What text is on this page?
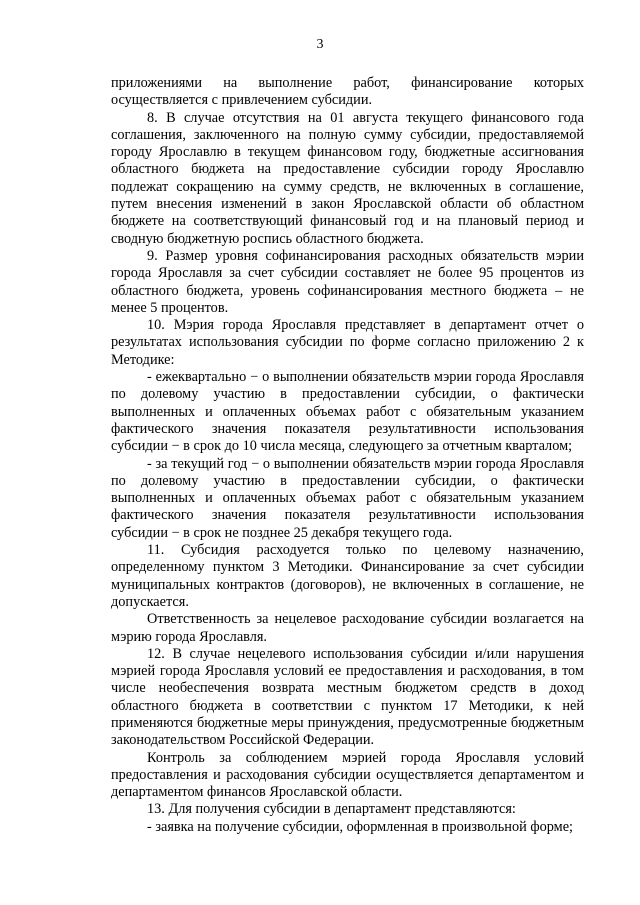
3

приложениями на выполнение работ, финансирование которых осуществляется с привлечением субсидии.

8. В случае отсутствия на 01 августа текущего финансового года соглашения, заключенного на полную сумму субсидии, предоставляемой городу Ярославлю в текущем финансовом году, бюджетные ассигнования областного бюджета на предоставление субсидии городу Ярославлю подлежат сокращению на сумму средств, не включенных в соглашение, путем внесения изменений в закон Ярославской области об областном бюджете на соответствующий финансовый год и на плановый период и сводную бюджетную роспись областного бюджета.

9. Размер уровня софинансирования расходных обязательств мэрии города Ярославля за счет субсидии составляет не более 95 процентов из областного бюджета, уровень софинансирования местного бюджета – не менее 5 процентов.

10. Мэрия города Ярославля представляет в департамент отчет о результатах использования субсидии по форме согласно приложению 2 к Методике:

- ежеквартально − о выполнении обязательств мэрии города Ярославля по долевому участию в предоставлении субсидии, о фактически выполненных и оплаченных объемах работ с обязательным указанием фактического значения показателя результативности использования субсидии − в срок до 10 числа месяца, следующего за отчетным кварталом;

- за текущий год − о выполнении обязательств мэрии города Ярославля по долевому участию в предоставлении субсидии, о фактически выполненных и оплаченных объемах работ с обязательным указанием фактического значения показателя результативности использования субсидии − в срок не позднее 25 декабря текущего года.

11. Субсидия расходуется только по целевому назначению, определенному пунктом 3 Методики. Финансирование за счет субсидии муниципальных контрактов (договоров), не включенных в соглашение, не допускается.

Ответственность за нецелевое расходование субсидии возлагается на мэрию города Ярославля.

12. В случае нецелевого использования субсидии и/или нарушения мэрией города Ярославля условий ее предоставления и расходования, в том числе необеспечения возврата местным бюджетом средств в доход областного бюджета в соответствии с пунктом 17 Методики, к ней применяются бюджетные меры принуждения, предусмотренные бюджетным законодательством Российской Федерации.

Контроль за соблюдением мэрией города Ярославля условий предоставления и расходования субсидии осуществляется департаментом и департаментом финансов Ярославской области.

13. Для получения субсидии в департамент представляются:

- заявка на получение субсидии, оформленная в произвольной форме;
